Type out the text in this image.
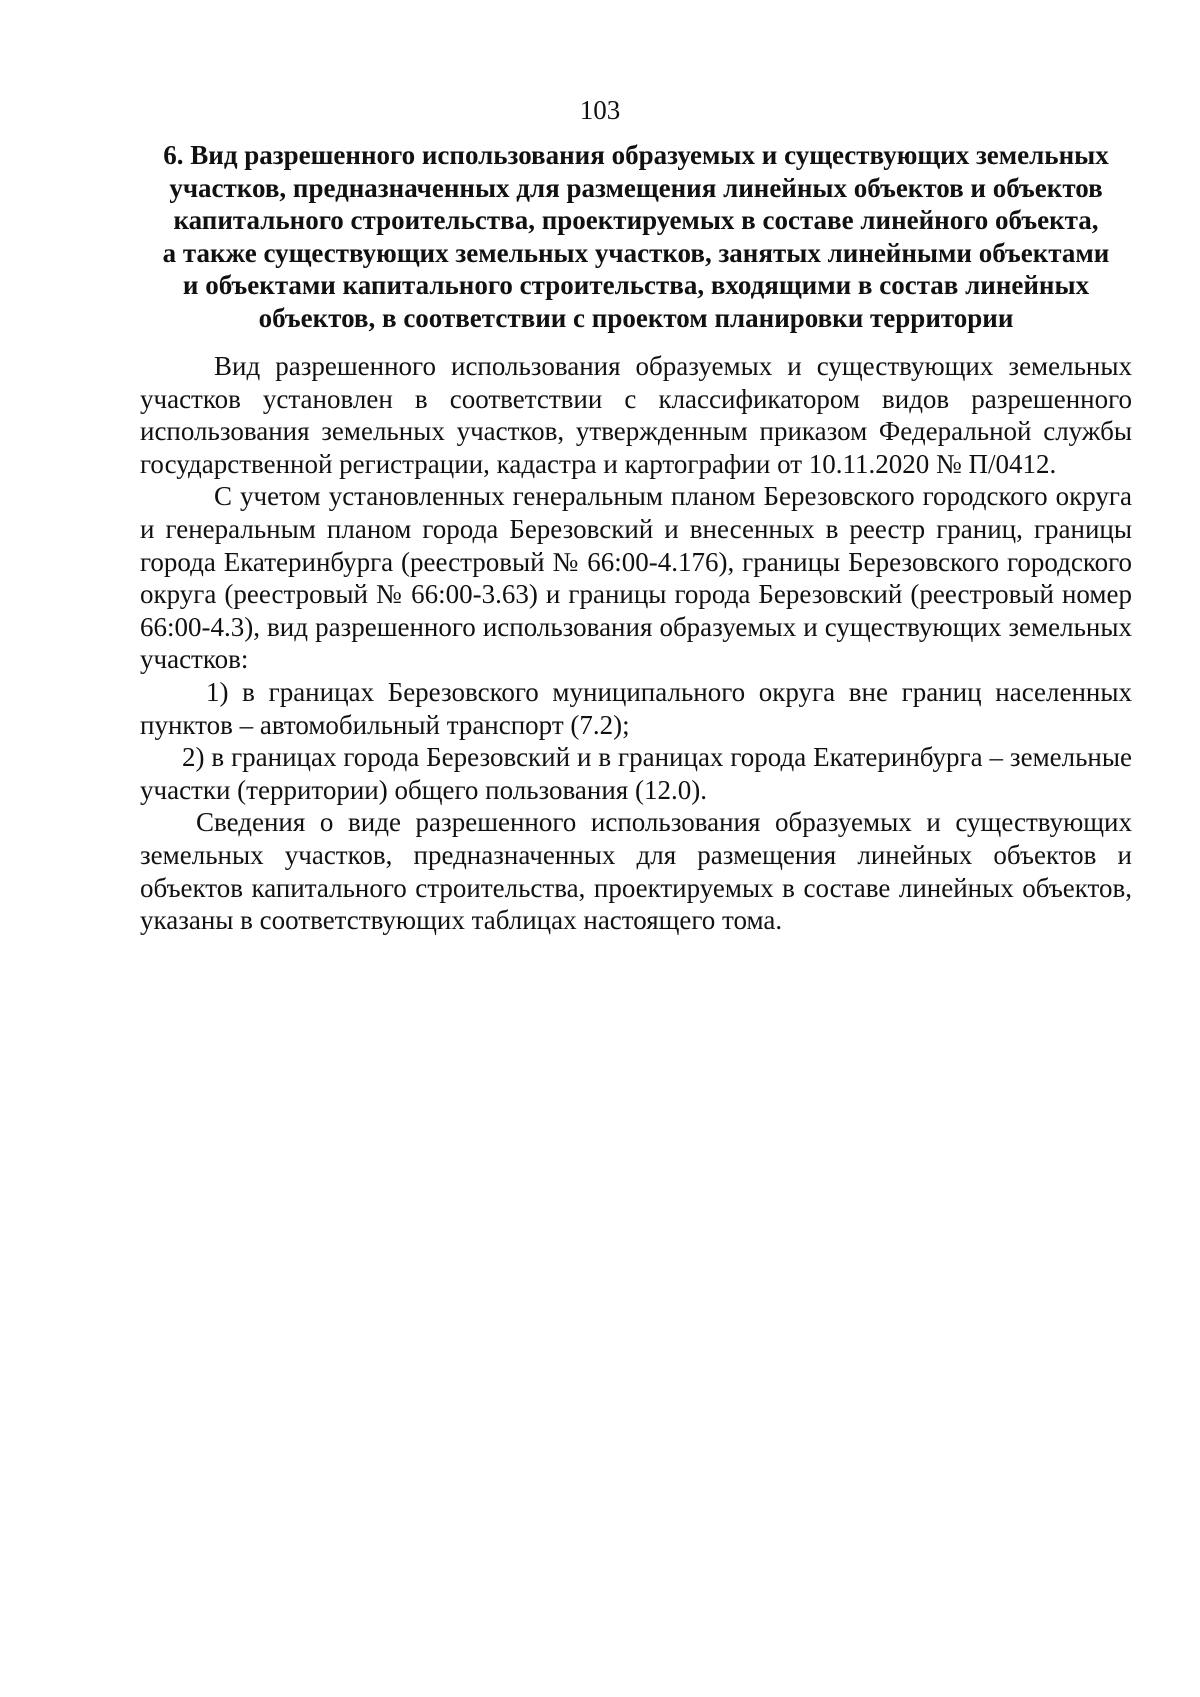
103
6. Вид разрешенного использования образуемых и существующих земельных
участков, предназначенных для размещения линейных объектов и объектов
капитального строительства, проектируемых в составе линейного объекта,
а также существующих земельных участков, занятых линейными объектами
и объектами капитального строительства, входящими в состав линейных
объектов, в соответствии с проектом планировки территории

Вид разрешенного использования образуемых и существующих земельных участков установлен в соответствии с классификатором видов разрешенного использования земельных участков, утвержденным приказом Федеральной службы государственной регистрации, кадастра и картографии от 10.11.2020 № П/0412.

С учетом установленных генеральным планом Березовского городского округа и генеральным планом города Березовский и внесенных в реестр границ, границы города Екатеринбурга (реестровый № 66:00-4.176), границы Березовского городского округа (реестровый № 66:00-3.63) и границы города Березовский (реестровый номер 66:00-4.3), вид разрешенного использования образуемых и существующих земельных участков:

1) в границах Березовского муниципального округа вне границ населенных пунктов – автомобильный транспорт (7.2);

2) в границах города Березовский и в границах города Екатеринбурга – земельные участки (территории) общего пользования (12.0).

Сведения о виде разрешенного использования образуемых и существующих земельных участков, предназначенных для размещения линейных объектов и объектов капитального строительства, проектируемых в составе линейных объектов, указаны в соответствующих таблицах настоящего тома.
